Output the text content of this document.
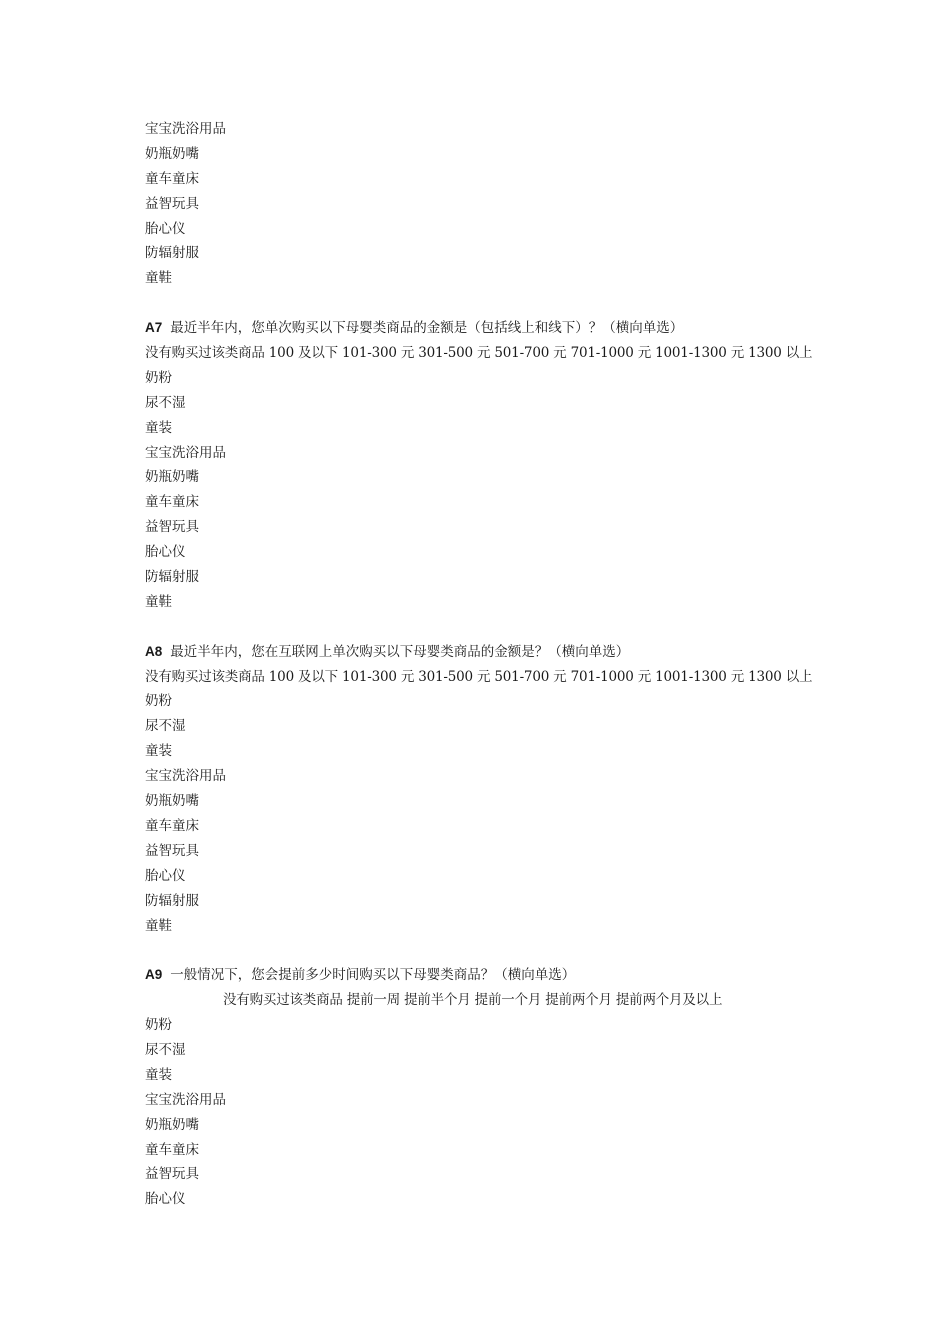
宝宝洗浴用品
奶瓶奶嘴
童车童床
益智玩具
胎心仪
防辐射服
童鞋
A7 最近半年内，您单次购买以下母婴类商品的金额是（包括线上和线下）？（横向单选）
没有购买过该类商品 100 及以下 101-300 元 301-500 元 501-700 元 701-1000 元 1001-1300 元 1300 以上
奶粉
尿不湿
童装
宝宝洗浴用品
奶瓶奶嘴
童车童床
益智玩具
胎心仪
防辐射服
童鞋
A8 最近半年内，您在互联网上单次购买以下母婴类商品的金额是？（横向单选）
没有购买过该类商品 100 及以下 101-300 元 301-500 元 501-700 元 701-1000 元 1001-1300 元 1300 以上
奶粉
尿不湿
童装
宝宝洗浴用品
奶瓶奶嘴
童车童床
益智玩具
胎心仪
防辐射服
童鞋
A9 一般情况下，您会提前多少时间购买以下母婴类商品？（横向单选）
没有购买过该类商品 提前一周 提前半个月 提前一个月 提前两个月 提前两个月及以上
奶粉
尿不湿
童装
宝宝洗浴用品
奶瓶奶嘴
童车童床
益智玩具
胎心仪
